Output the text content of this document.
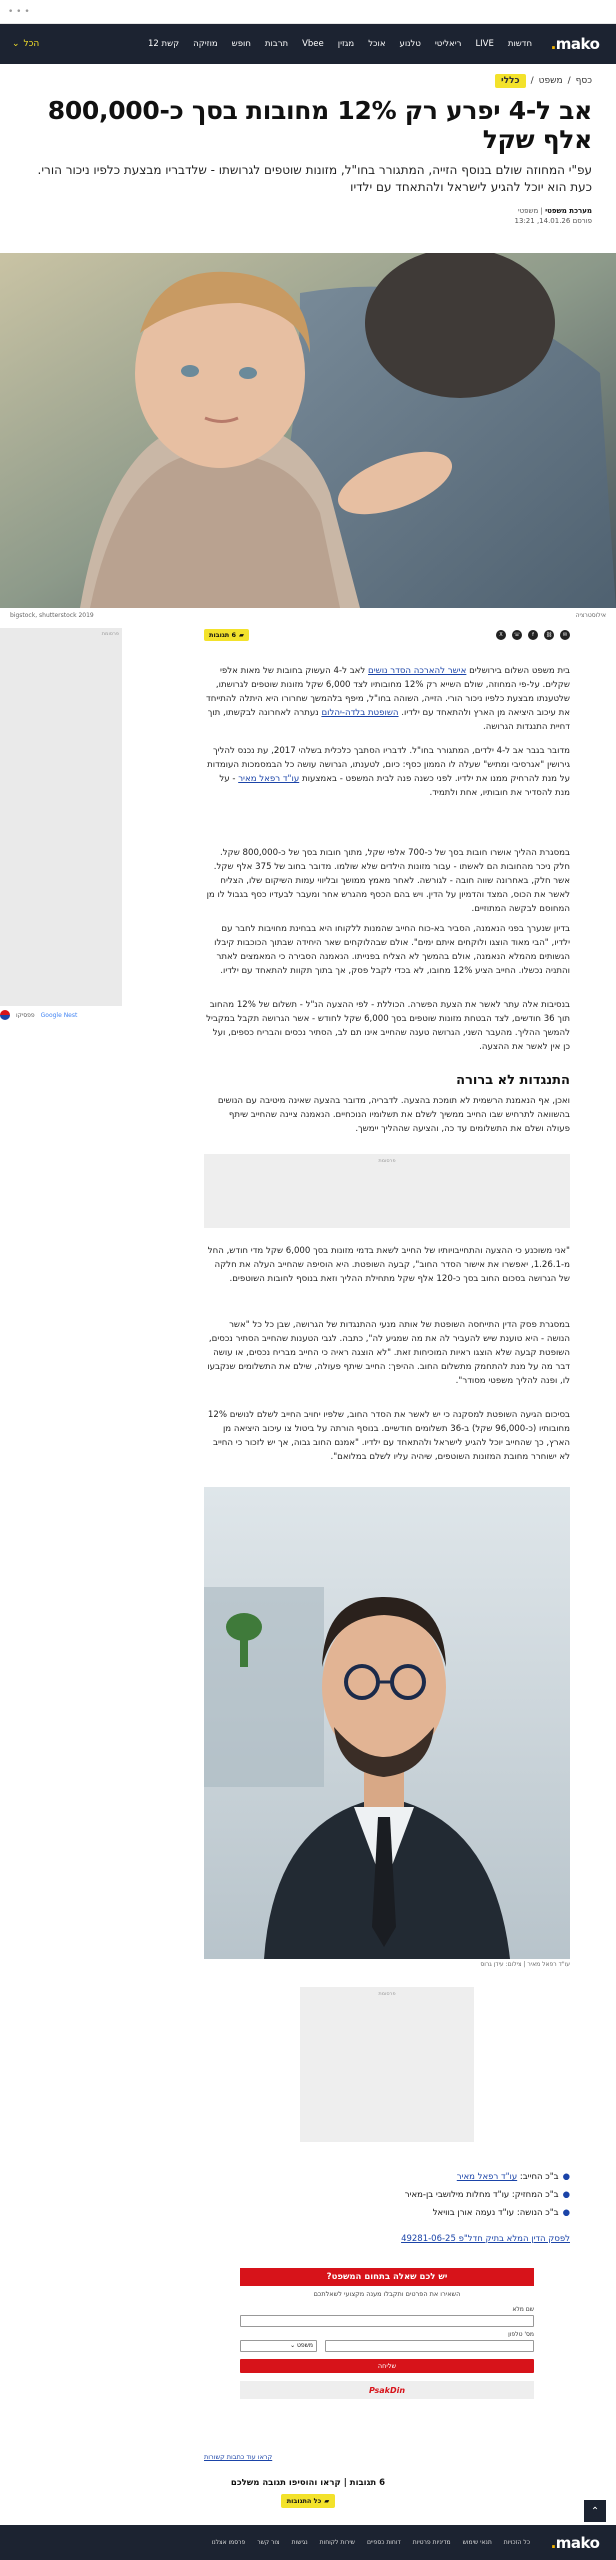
• • •
mako
.
חדשות
LIVE
ריאליטי
טלנוע
אוכל
מגזין
Vbee
תרבות
חופש
מוזיקה
קשת 12
הכל
⌄
כסף
/
משפט
/
כללי
אב ל-4 יפרע רק 12% מחובות בסך כ-800,000 אלף שקל

עפ"י המחוזה שולם בנוסף הזייה, המתגורר בחו"ל, מזונות שוטפים לגרושתו - שלדבריו מבצעת כלפיו ניכור הורי. כעת הוא יוכל להגיע לישראל ולהתאחד עם ילדיו

מערכת משפטי | משפטי
פורסם 14.01.26, 13:21
אילוסטרציה
bigstock, shutterstock 2019
פרסומת
Google Nest
פפסיקו
✉
⛓
f
☏
X
▰
6 תגובות

בית משפט השלום בירושלים אישר להארכה הסדר נושים לאב ל-4 העשוק בחובות של מאות אלפי שקלים. על-פי המחוזה, שולם השייא רק 12% מחובותיו לצד 6,000 שקל מזונות שוטפים לגרושתו, שלטענתו מבצעת כלפיו ניכור הורי. הזייה, השוהה בחו"ל, מיפף בלהמשך שחרורו היא היתלה להתייחד את עיכוב היציאה מן הארץ ולהתאחד עם ילדיו. השופטת בלדה-יהלום נעתרה לאחרונה לבקשתו, תוך דחיית התנגדות הגרושה.

מדובר בגבר אב ל-4 ילדים, המתגורר בחו"ל. לדבריו הסתבך כלכלית בשלהי 2017, עת נכנס להליך גירושין "אגרסיבי ומתיש" שעלה לו הממון כסף: כיום, לטענתו, הגרושה עושה כל הבמסמכות העומדות על מנת להרחיק ממנו את ילדיו. לפני כשנה פנה לבית המשפט - באמצעות עו"ד רפאל מאיר - על מנת להסדיר את חובותיו, אחת ולתמיד.

במסגרת ההליך אושרו חובות בסך של כ-700 אלפי שקל, מתוך חובות בסך של כ-800,000 שקל. חלק ניכר מהחובות הם לאשתו - עבור מזונות הילדים שלא שולמו. מדובר בחוב של 375 אלף שקל. אשר חלק, באחרונה שווה חובה - לגורשה. לאחר מאמץ ממושך ובליווי עמות השיקום שלו, הצליח לאשר את הכוס, המצד והדמיון על הדין. ויש בהם הכסף מהגרש אחר ומעבר לבעדיו כסף בגבול לו מן המחוסם לבקשה המתוזיים.

בדיון שנערך בפני הנאמנה, הסביר בא-כוח החייב שהמנות ללקוחו היא בבחינת מחויבות לחבר עם ילדיו, "הבי מאוד הוצגו ולוקחים איתם ימים". אולם שבהלוקחים שאר היחידה שבתוך הכוכבות קיבלו הגשותים מהמלא הנאמנה, אולם בהמשך לא הצליח בפנייתו. הנאמנה הסבירה כי המאמצים לאתר והתניה נכשלו. החייב הציע 12% מחובו, לא בכדי לקבל פסק, אך בתוך תקוות להתאחד עם ילדיו.

בנסיבות אלה עתר לאשר את הצעת הפשרה. הכוללת - לפי ההצעה הנ"ל - תשלום של 12% מהחוב תוך 36 חודשים, לצד הבטחת מזונות שוטפים בסך 6,000 שקל לחודש - אשר הגרושה תקבל במקביל להמשך ההליך. מהעבר השני, הגרושה טענה שהחייב אינו תם לב, הסתיר נכסים והבריח כספים, ועל כן אין לאשר את ההצעה.

התנגדות לא ברורה

ואכן, אף הנאמנת הרשמית לא תומכת בהצעה. לדבריה, מדובר בהצעה שאינה מיטיבה עם הנושים בהשוואה לתרחיש שבו החייב ממשיך לשלם את תשלומיו הנוכחיים. הנאמנה ציינה שהחייב שיתף פעולה ושלם את התשלומים עד כה, והציעה שההליך יימשך.

פרסומת

"אני משוכנע כי ההצעה והתחייבויותיו של החייב לשאת בדמי מזונות בסך 6,000 שקל מדי חודש, החל מ-1.26.1, יאפשרו את אישור הסדר החוב", קבעה השופטת. היא הוסיפה שהחייב העלה את חלקה של הגרושה בסכום החוב בסך כ-120 אלף שקל מתחילת ההליך וזאת בנוסף לחובות השוטפים.

במסגרת פסק הדין התייחסה השופטת של אותה מנעי ההתנגדות של הגרושה, שבן כל כל "אשר הנושה - היא טוענת שיש להעביר לה את מה שמגיע לה", כתבה. לגבי הטענות שהחייב הסתיר נכסים, השופטת קבעה שלא הוצגו ראיות המוכיחות זאת. "לא הוצגה ראיה כי החייב מבריח נכסים, או עושה דבר מה על מנת להתחמק מתשלום החוב. ההיפך: החייב שיתף פעולה, שילם את התשלומים שנקבעו לו, ופנה להליך משפטי מסודר".

בסיכום הגיעה השופטת למסקנה כי יש לאשר את הסדר החוב, שלפיו יחויב החייב לשלם לנושים 12% מחובותיו (כ-96,000 שקל) ב-36 תשלומים חודשיים. בנוסף הורתה על ביטול צו עיכוב היציאה מן הארץ, כך שהחייב יוכל להגיע לישראל ולהתאחד עם ילדיו. "אמנם החוב גבוה, אך יש לזכור כי החייב לא ישוחרר מחובת המזונות השוטפים, שיהיה עליו לשלם במלואם".

עו"ד רפאל מאיר | צילום: עידן גרוס
פרסומת
●ב"כ החייב: עו"ד רפאל מאיר
●ב"כ המחזיק: עו"ד מחלות מילושבי בן-מאיר
●ב"כ הנושה: עו"ד נעמה אורן בוויאל
לפסק הדין המלא בתיק חדל"פ 49281-06-25
יש לכם שאלה בתחום המשפט?
השאירו את הפרטים ותקבלו מענה מקצועי לשאלתכם
שם מלא
מס' טלפון
משפט ⌄
שליחה
PsakDin
קראו עוד כתבות קשורות
6 תגובות | קראו והוסיפו תגובה משלכם
▰
כל התגובות
⌃
mako
.
כל הזכויות
תנאי שימוש
מדיניות פרטיות
דוחות כספיים
שירות לקוחות
נגישות
צור קשר
פרסמו אצלנו
